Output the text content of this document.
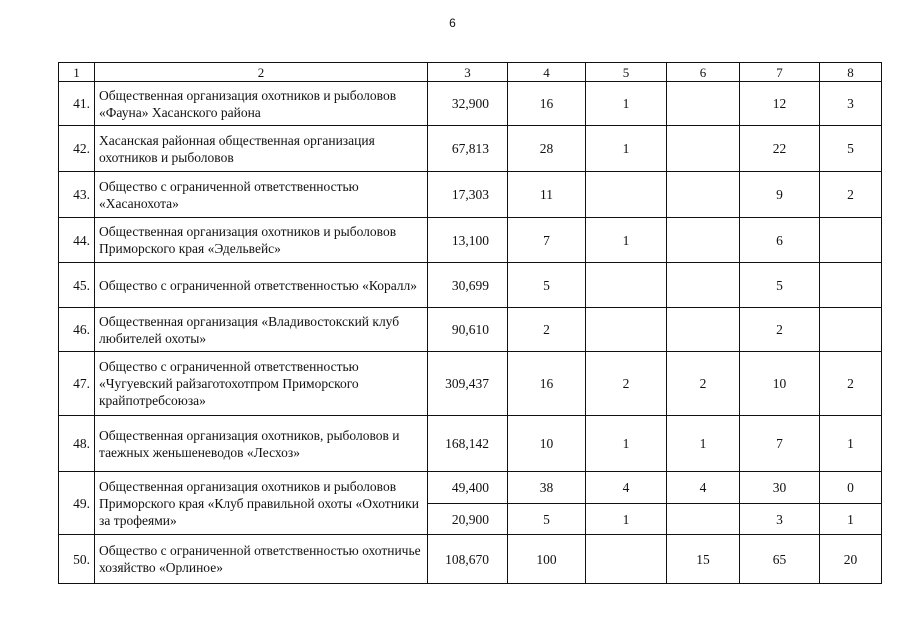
6
1	2	3	4	5	6	7	8
41.	Общественная организация охотников и рыболовов «Фауна» Хасанского района	32,900	16	1		12	3
42.	Хасанская районная общественная организация охотников и рыболовов	67,813	28	1		22	5
43.	Общество с ограниченной ответственностью «Хасанохота»	17,303	11			9	2
44.	Общественная организация охотников и рыболовов Приморского края «Эдельвейс»	13,100	7	1		6	
45.	Общество с ограниченной ответственностью «Коралл»	30,699	5			5	
46.	Общественная организация «Владивостокский клуб любителей охоты»	90,610	2			2	
47.	Общество с ограниченной ответственностью «Чугуевский райзаготохотпром Приморского крайпотребсоюза»	309,437	16	2	2	10	2
48.	Общественная организация охотников, рыболовов и таежных женьшеневодов «Лесхоз»	168,142	10	1	1	7	1
49.	Общественная организация охотников и рыболовов Приморского края «Клуб правильной охоты «Охотники за трофеями»	49,400	38	4	4	30	0
		20,900	5	1		3	1
50.	Общество с ограниченной ответственностью охотничье хозяйство «Орлиное»	108,670	100		15	65	20
